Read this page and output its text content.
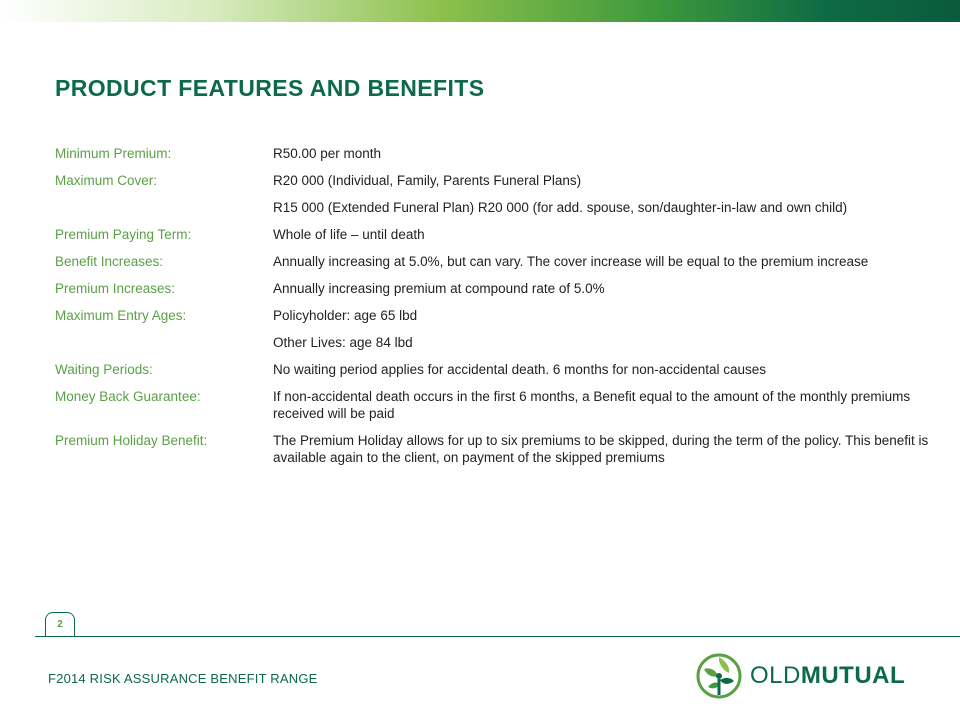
PRODUCT FEATURES AND BENEFITS
Minimum Premium:	R50.00 per month
Maximum Cover:	R20 000 (Individual, Family, Parents Funeral Plans)
R15 000 (Extended Funeral Plan) R20 000 (for add. spouse, son/daughter-in-law and own child)
Premium Paying Term:	Whole of life – until death
Benefit Increases:	Annually increasing at 5.0%, but can vary. The cover increase will be equal to the premium increase
Premium Increases:	Annually increasing premium at compound rate of 5.0%
Maximum Entry Ages:	Policyholder: age 65 lbd
Other Lives: age 84 lbd
Waiting Periods:	No waiting period applies for accidental death. 6 months for non-accidental causes
Money Back Guarantee:	If non-accidental death occurs in the first 6 months, a Benefit equal to the amount of the monthly premiums received will be paid
Premium Holiday Benefit:	The Premium Holiday allows for up to six premiums to be skipped, during the term of the policy. This benefit is available again to the client, on payment of the skipped premiums
2
F2014 RISK ASSURANCE BENEFIT RANGE	OLDMUTUAL
